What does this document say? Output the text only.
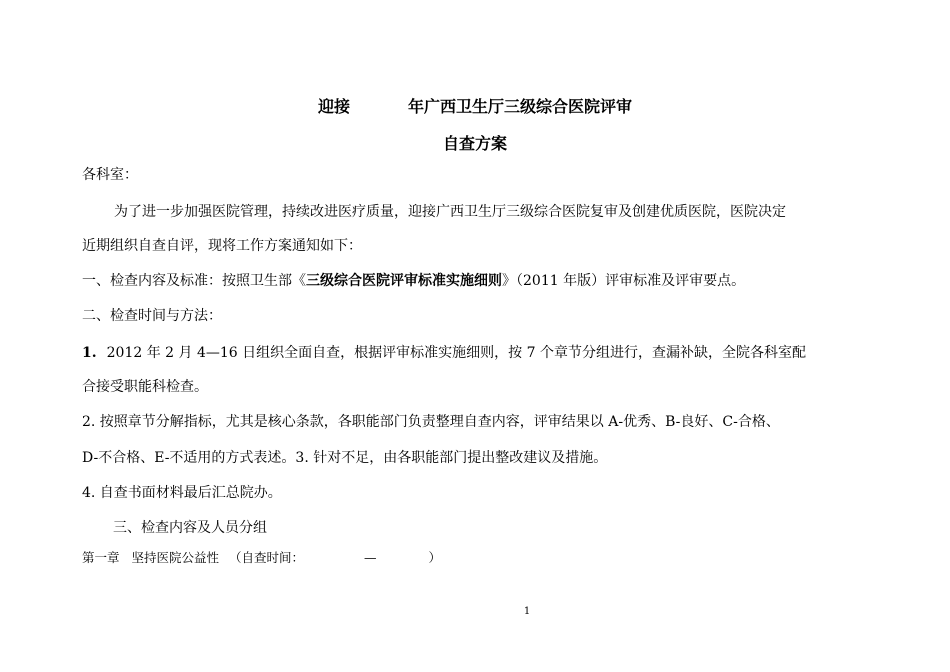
迎接	年广西卫生厅三级综合医院评审
自查方案
各科室：
为了进一步加强医院管理，持续改进医疗质量，迎接广西卫生厅三级综合医院复审及创建优质医院，医院决定
近期组织自查自评，现将工作方案通知如下：
一、检查内容及标准：按照卫生部《三级综合医院评审标准实施细则》（2011 年版）评审标准及评审要点。
二、检查时间与方法：
1. 2012 年 2 月 4—16 日组织全面自查，根据评审标准实施细则，按 7 个章节分组进行，查漏补缺，全院各科室配
合接受职能科检查。
2. 按照章节分解指标，尤其是核心条款，各职能部门负责整理自查内容，评审结果以 A-优秀、B-良好、C-合格、
D-不合格、E-不适用的方式表述。3. 针对不足，由各职能部门提出整改建议及措施。
4. 自查书面材料最后汇总院办。
三、检查内容及人员分组
第一章 坚持医院公益性 （自查时间：	—	）
1
